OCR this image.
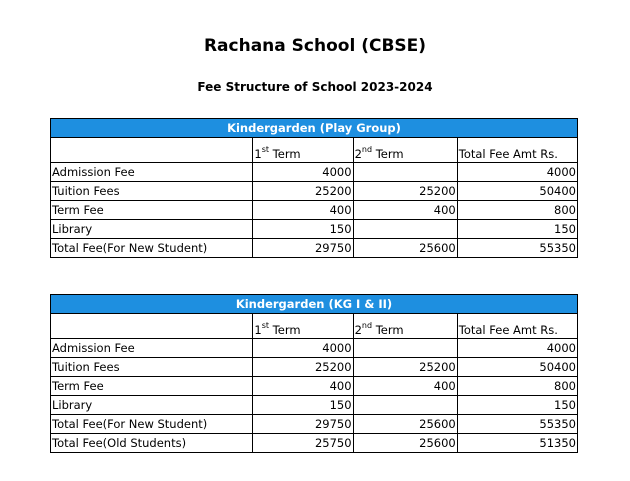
Rachana School (CBSE)
Fee Structure of School 2023-2024
Kindergarden (Play Group)			
	1st Term	2nd Term	Total Fee Amt Rs.
Admission Fee	4000		4000
Tuition Fees	25200	25200	50400
Term Fee	400	400	800
Library	150		150
Total Fee(For New Student)	29750	25600	55350
Kindergarden (KG I & II)			
	1st Term	2nd Term	Total Fee Amt Rs.
Admission Fee	4000		4000
Tuition Fees	25200	25200	50400
Term Fee	400	400	800
Library	150		150
Total Fee(For New Student)	29750	25600	55350
Total Fee(Old Students)	25750	25600	51350
